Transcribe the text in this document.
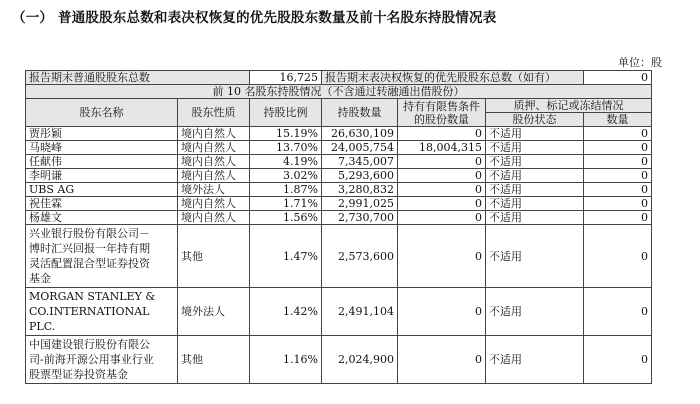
（一） 普通股股东总数和表决权恢复的优先股股东数量及前十名股东持股情况表
单位：股
报告期末普通股股东总数		16,725	报告期末表决权恢复的优先股股东总数（如有）			0
前 10 名股东持股情况（不含通过转融通出借股份）						
股东名称	股东性质	持股比例	持股数量	持有有限售条件的股份数量	质押、标记或冻结情况	
					股份状态	数量

贾彤颖	境内自然人	15.19%	26,630,109	0	不适用	0

马晓峰	境内自然人	13.70%	24,005,754	18,004,315	不适用	0

任献伟	境内自然人	4.19%	7,345,007	0	不适用	0

李明谦	境内自然人	3.02%	5,293,600	0	不适用	0

UBS AG	境外法人	1.87%	3,280,832	0	不适用	0

祝佳霖	境内自然人	1.71%	2,991,025	0	不适用	0

杨雄文	境内自然人	1.56%	2,730,700	0	不适用	0

兴业银行股份有限公司－
博时汇兴回报一年持有期
灵活配置混合型证券投资
基金	其他	1.47%	2,573,600	0	不适用	0

MORGAN STANLEY &
CO.INTERNATIONAL
PLC.	境外法人	1.42%	2,491,104	0	不适用	0

中国建设银行股份有限公
司-前海开源公用事业行业
股票型证券投资基金	其他	1.16%	2,024,900	0	不适用	0
